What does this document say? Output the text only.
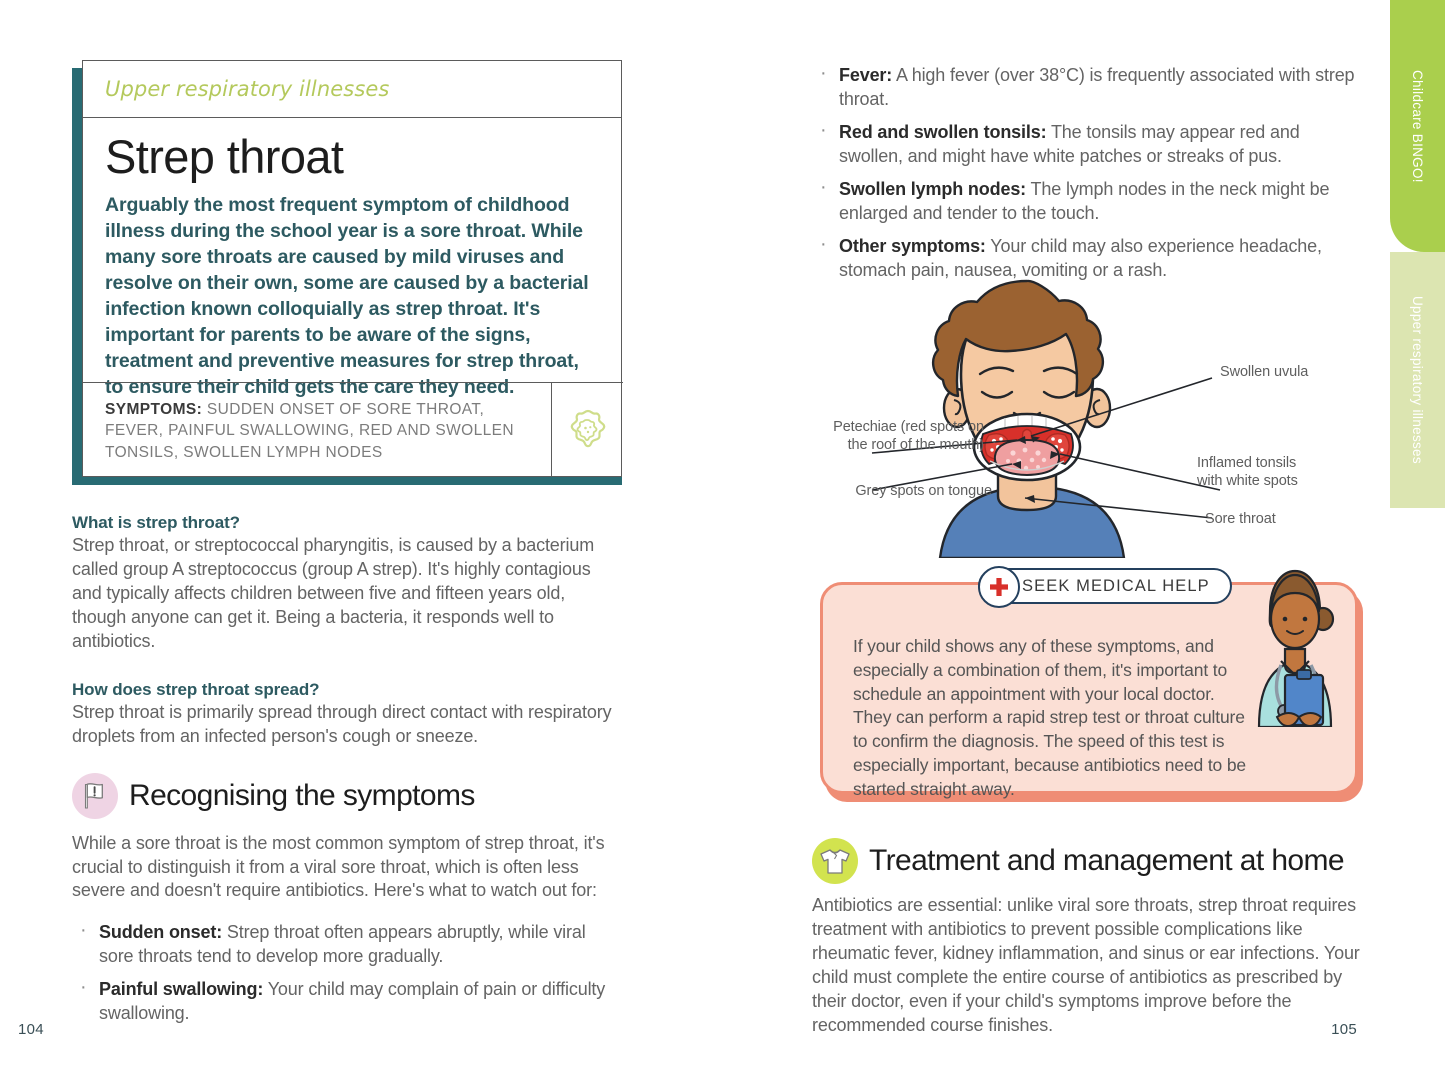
Childcare BINGO!
Upper respiratory illnesses
Upper respiratory illnesses
Strep throat
Arguably the most frequent symptom of childhood illness during the school year is a sore throat. While many sore throats are caused by mild viruses and resolve on their own, some are caused by a bacterial infection known colloquially as strep throat. It's important for parents to be aware of the signs, treatment and preventive measures for strep throat, to ensure their child gets the care they need.
SYMPTOMS: SUDDEN ONSET OF SORE THROAT, FEVER, PAINFUL SWALLOWING, RED AND SWOLLEN TONSILS, SWOLLEN LYMPH NODES
What is strep throat?
Strep throat, or streptococcal pharyngitis, is caused by a bacterium called group A streptococcus (group A strep). It's highly contagious and typically affects children between five and fifteen years old, though anyone can get it. Being a bacteria, it responds well to antibiotics.
How does strep throat spread?
Strep throat is primarily spread through direct contact with respiratory droplets from an infected person's cough or sneeze.
Recognising the symptoms
While a sore throat is the most common symptom of strep throat, it's crucial to distinguish it from a viral sore throat, which is often less severe and doesn't require antibiotics. Here's what to watch out for:
· Sudden onset: Strep throat often appears abruptly, while viral sore throats tend to develop more gradually.
· Painful swallowing: Your child may complain of pain or difficulty swallowing.
· Fever: A high fever (over 38°C) is frequently associated with strep throat.
· Red and swollen tonsils: The tonsils may appear red and swollen, and might have white patches or streaks of pus.
· Swollen lymph nodes: The lymph nodes in the neck might be enlarged and tender to the touch.
· Other symptoms: Your child may also experience headache, stomach pain, nausea, vomiting or a rash.
Swollen uvula
Petechiae (red spots on
the roof of the mouth)
Grey spots on tongue
Inflamed tonsils
with white spots
Sore throat
SEEK MEDICAL HELP
If your child shows any of these symptoms, and especially a combination of them, it's important to schedule an appointment with your local doctor. They can perform a rapid strep test or throat culture to confirm the diagnosis. The speed of this test is especially important, because antibiotics need to be started straight away.
Treatment and management at home
Antibiotics are essential: unlike viral sore throats, strep throat requires treatment with antibiotics to prevent possible complications like rheumatic fever, kidney inflammation, and sinus or ear infections. Your child must complete the entire course of antibiotics as prescribed by their doctor, even if your child's symptoms improve before the recommended course finishes.
104	105
